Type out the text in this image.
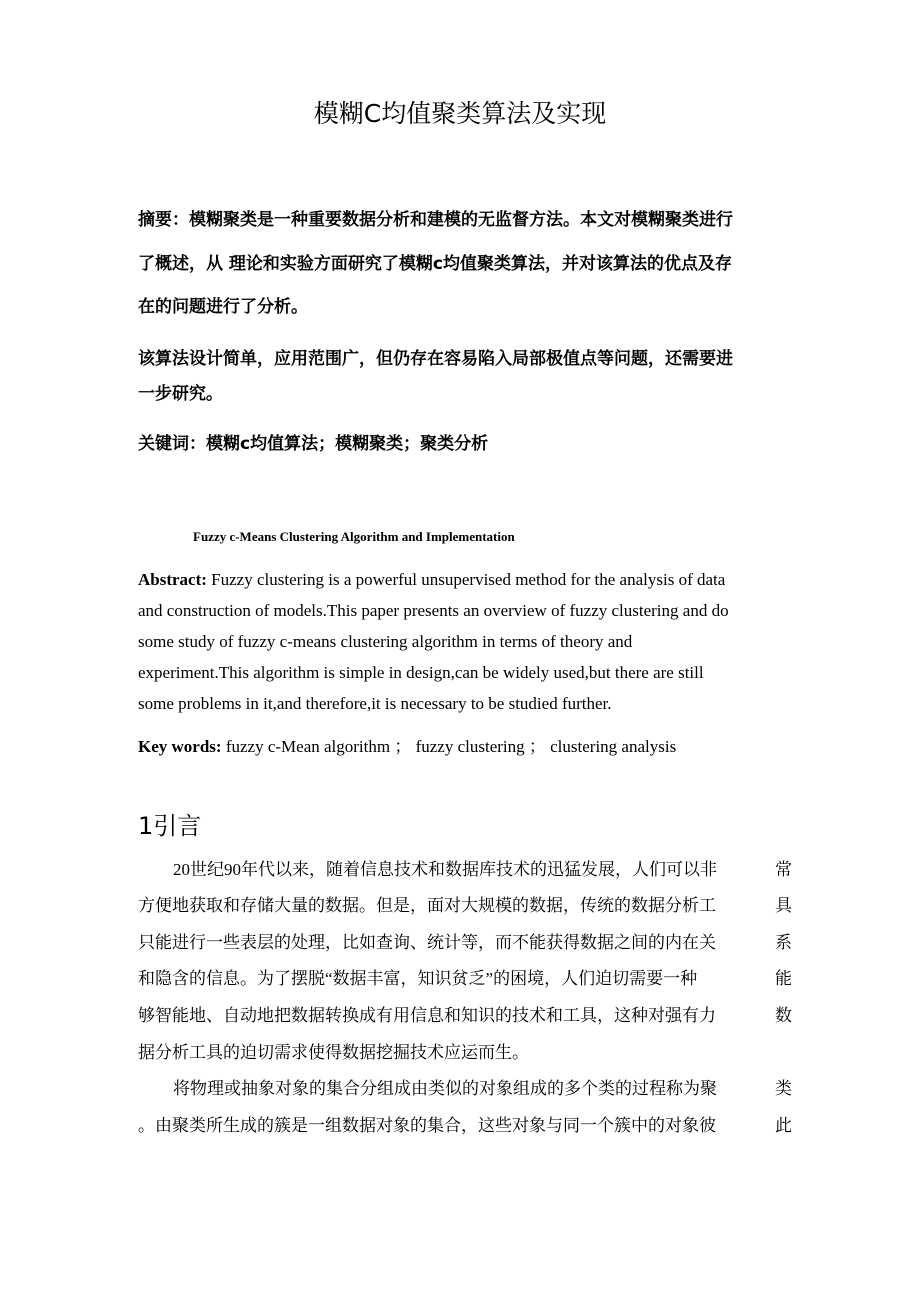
模糊C均值聚类算法及实现
摘要：模糊聚类是一种重要数据分析和建模的无监督方法。本文对模糊聚类进行
了概述，从 理论和实验方面研究了模糊c均值聚类算法，并对该算法的优点及存
在的问题进行了分析。
该算法设计简单，应用范围广，但仍存在容易陷入局部极值点等问题，还需要进
一步研究。
关键词：模糊c均值算法；模糊聚类；聚类分析
Fuzzy c-Means Clustering Algorithm and Implementation
Abstract: Fuzzy clustering is a powerful unsupervised method for the analysis of data
and construction of models.This paper presents an overview of fuzzy clustering and do
some study of fuzzy c-means clustering algorithm in terms of theory and
experiment.This algorithm is simple in design,can be widely used,but there are still
some problems in it,and therefore,it is necessary to be studied further.
Key words: fuzzy c-Mean algorithm ； fuzzy clustering ； clustering analysis
1引言
20世纪90年代以来，随着信息技术和数据库技术的迅猛发展，人们可以非	常
方便地获取和存储大量的数据。但是，面对大规模的数据，传统的数据分析工	具
只能进行一些表层的处理，比如查询、统计等，而不能获得数据之间的内在关	系
和隐含的信息。为了摆脱“数据丰富，知识贫乏”的困境，人们迫切需要一种	能
够智能地、自动地把数据转换成有用信息和知识的技术和工具，这种对强有力	数
据分析工具的迫切需求使得数据挖掘技术应运而生。
将物理或抽象对象的集合分组成由类似的对象组成的多个类的过程称为聚	类
。由聚类所生成的簇是一组数据对象的集合，这些对象与同一个簇中的对象彼	此
